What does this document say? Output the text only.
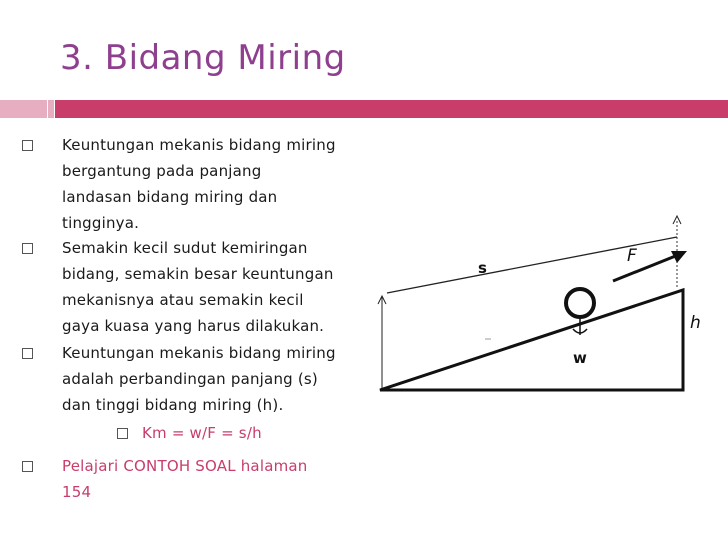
3. Bidang Miring
Keuntungan mekanis bidang miring
bergantung pada panjang
landasan bidang miring dan
tingginya.
Semakin kecil sudut kemiringan
bidang, semakin besar keuntungan
mekanisnya atau semakin kecil
gaya kuasa yang harus dilakukan.
Keuntungan mekanis bidang miring
adalah perbandingan panjang (s)
dan tinggi bidang miring (h).
Km = w/F = s/h
Pelajari CONTOH SOAL halaman
154
s
F
h
w
